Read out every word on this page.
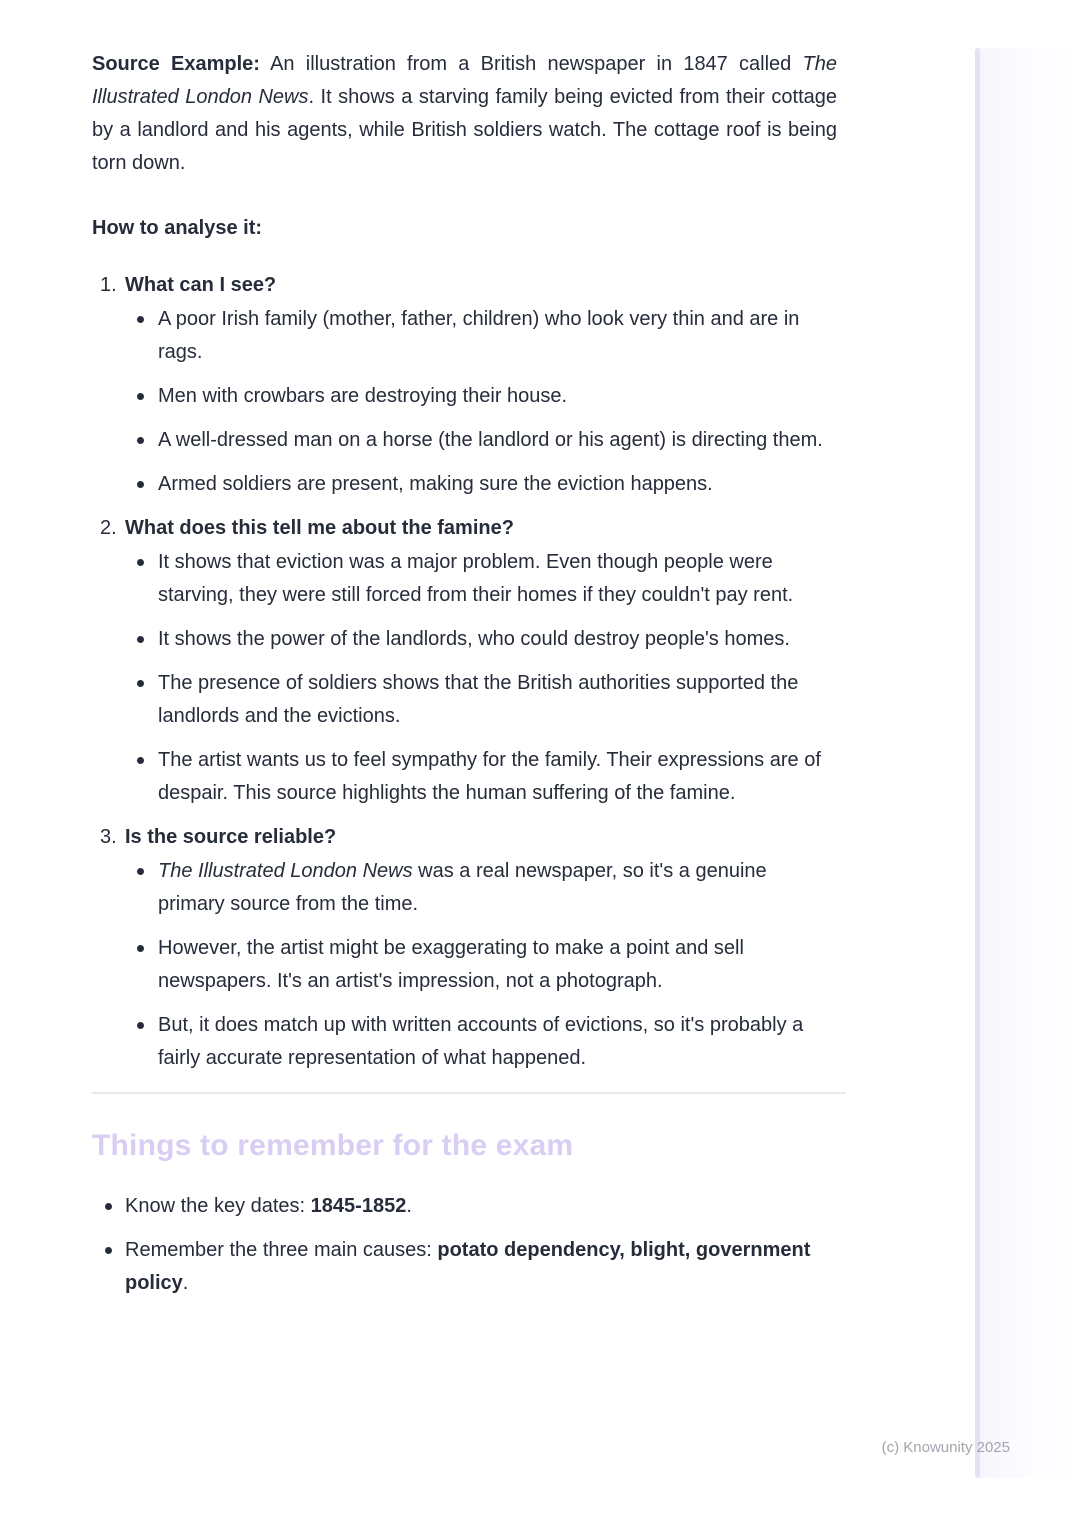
Source Example: An illustration from a British newspaper in 1847 called The Illustrated London News. It shows a starving family being evicted from their cottage by a landlord and his agents, while British soldiers watch. The cottage roof is being torn down.

How to analyse it:

1. What can I see?
A poor Irish family (mother, father, children) who look very thin and are in rags.
Men with crowbars are destroying their house.
A well-dressed man on a horse (the landlord or his agent) is directing them.
Armed soldiers are present, making sure the eviction happens.
2. What does this tell me about the famine?
It shows that eviction was a major problem. Even though people were starving, they were still forced from their homes if they couldn't pay rent.
It shows the power of the landlords, who could destroy people's homes.
The presence of soldiers shows that the British authorities supported the landlords and the evictions.
The artist wants us to feel sympathy for the family. Their expressions are of despair. This source highlights the human suffering of the famine.
3. Is the source reliable?
The Illustrated London News was a real newspaper, so it's a genuine primary source from the time.
However, the artist might be exaggerating to make a point and sell newspapers. It's an artist's impression, not a photograph.
But, it does match up with written accounts of evictions, so it's probably a fairly accurate representation of what happened.
Things to remember for the exam
Know the key dates: 1845-1852.
Remember the three main causes: potato dependency, blight, government policy.
(c) Knowunity 2025
